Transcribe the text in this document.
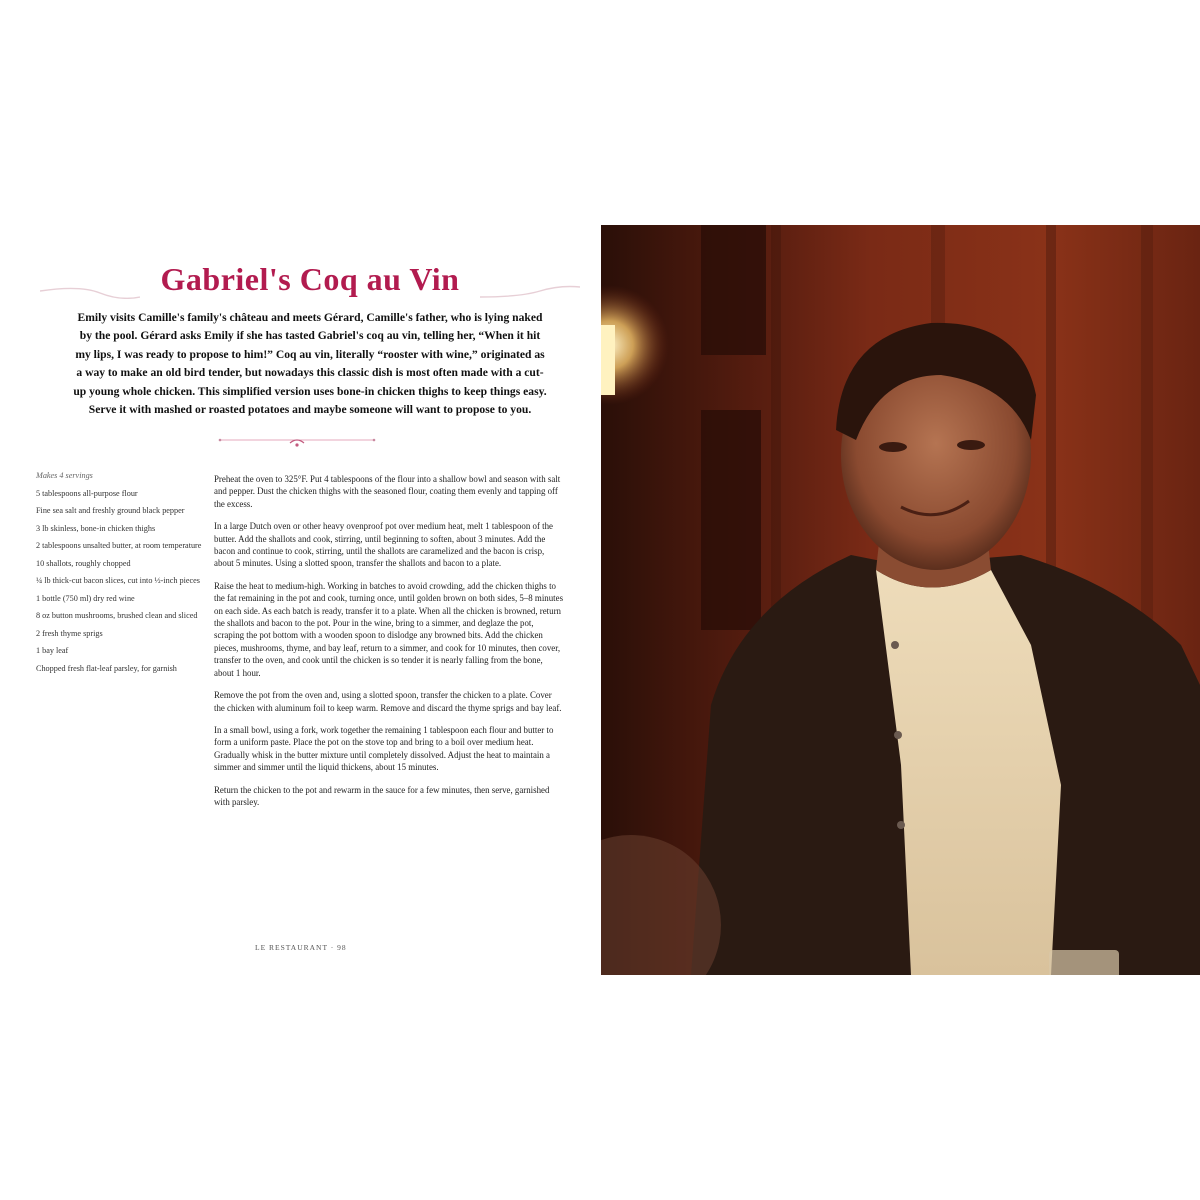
Gabriel's Coq au Vin
Emily visits Camille's family's château and meets Gérard, Camille's father, who is lying naked by the pool. Gérard asks Emily if she has tasted Gabriel's coq au vin, telling her, “When it hit my lips, I was ready to propose to him!” Coq au vin, literally “rooster with wine,” originated as a way to make an old bird tender, but nowadays this classic dish is most often made with a cut-up young whole chicken. This simplified version uses bone-in chicken thighs to keep things easy. Serve it with mashed or roasted potatoes and maybe someone will want to propose to you.
Makes 4 servings
5 tablespoons all-purpose flour
Fine sea salt and freshly ground black pepper
3 lb skinless, bone-in chicken thighs
2 tablespoons unsalted butter, at room temperature
10 shallots, roughly chopped
¼ lb thick-cut bacon slices, cut into ½-inch pieces
1 bottle (750 ml) dry red wine
8 oz button mushrooms, brushed clean and sliced
2 fresh thyme sprigs
1 bay leaf
Chopped fresh flat-leaf parsley, for garnish

Preheat the oven to 325°F. Put 4 tablespoons of the flour into a shallow bowl and season with salt and pepper. Dust the chicken thighs with the seasoned flour, coating them evenly and tapping off the excess.

In a large Dutch oven or other heavy ovenproof pot over medium heat, melt 1 tablespoon of the butter. Add the shallots and cook, stirring, until beginning to soften, about 3 minutes. Add the bacon and continue to cook, stirring, until the shallots are caramelized and the bacon is crisp, about 5 minutes. Using a slotted spoon, transfer the shallots and bacon to a plate.

Raise the heat to medium-high. Working in batches to avoid crowding, add the chicken thighs to the fat remaining in the pot and cook, turning once, until golden brown on both sides, 5–8 minutes on each side. As each batch is ready, transfer it to a plate. When all the chicken is browned, return the shallots and bacon to the pot. Pour in the wine, bring to a simmer, and deglaze the pot, scraping the pot bottom with a wooden spoon to dislodge any browned bits. Add the chicken pieces, mushrooms, thyme, and bay leaf, return to a simmer, and cook for 10 minutes, then cover, transfer to the oven, and cook until the chicken is so tender it is nearly falling from the bone, about 1 hour.

Remove the pot from the oven and, using a slotted spoon, transfer the chicken to a plate. Cover the chicken with aluminum foil to keep warm. Remove and discard the thyme sprigs and bay leaf.

In a small bowl, using a fork, work together the remaining 1 tablespoon each flour and butter to form a uniform paste. Place the pot on the stove top and bring to a boil over medium heat. Gradually whisk in the butter mixture until completely dissolved. Adjust the heat to maintain a simmer and simmer until the liquid thickens, about 15 minutes.

Return the chicken to the pot and rewarm in the sauce for a few minutes, then serve, garnished with parsley.

LE RESTAURANT · 98
